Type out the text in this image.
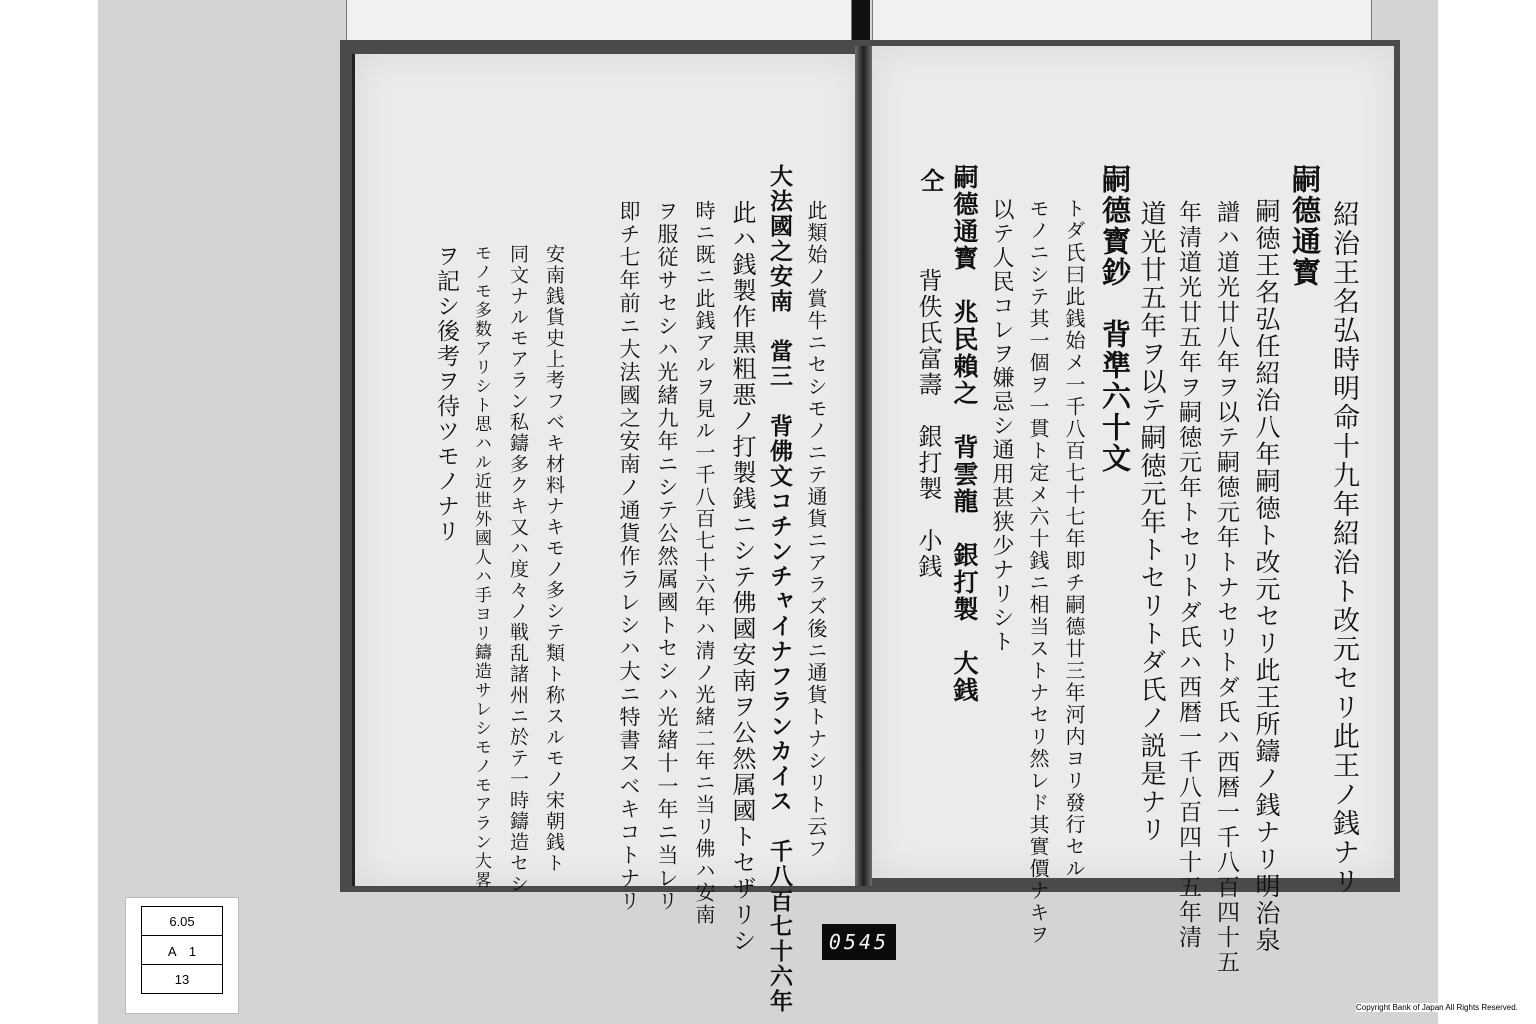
紹治王名弘時明命十九年紹治ト改元セリ此王ノ銭ナリ
嗣德通寳
嗣徳王名弘任紹治八年嗣徳ト改元セリ此王所鑄ノ銭ナリ明治泉
譜ハ道光廿八年ヲ以テ嗣徳元年トナセリトダ氏ハ西暦一千八百四十五
年清道光廿五年ヲ嗣徳元年トセリトダ氏ハ西暦一千八百四十五年清
道光廿五年ヲ以テ嗣徳元年トセリトダ氏ノ説是ナリ
嗣德寳鈔　背準六十文
トダ氏曰此銭始メ一千八百七十七年即チ嗣德廿三年河内ヨリ發行セル
モノニシテ其一個ヲ一貫ト定メ六十銭ニ相当ストナセリ然レド其實價ナキヲ
以テ人民コレヲ嫌忌シ通用甚狭少ナリシト
嗣德通寳　兆民賴之　背雲龍　銀打製　大銭
背佚氏富壽　銀打製　小銭
仝
此類始ノ賞牛ニセシモノニテ通貨ニアラズ後ニ通貨トナシリト云フ
大法國之安南　當三　背佛文コチンチャイナフランカイス　千八百七十六年
此ハ銭製作黒粗悪ノ打製銭ニシテ佛國安南ヲ公然属國トセザリシ
時ニ既ニ此銭アルヲ見ル一千八百七十六年ハ清ノ光緒二年ニ当リ佛ハ安南
ヲ服従サセシハ光緒九年ニシテ公然属國トセシハ光緒十一年ニ当レリ
即チ七年前ニ大法國之安南ノ通貨作ラレシハ大ニ特書スベキコトナリ
安南銭貨史上考フベキ材料ナキモノ多シテ類ト称スルモノ宋朝銭ト
同文ナルモアラン私鑄多クキ又ハ度々ノ戦乱諸州ニ於テ一時鑄造セシ
モノモ多数アリシト思ハル近世外國人ハ手ヨリ鑄造サレシモノモアラン大畧
ヲ記シ後考ヲ待ツモノナリ
6.05
A　1
13
0545
Copyright Bank of Japan All Rights Reserved.
